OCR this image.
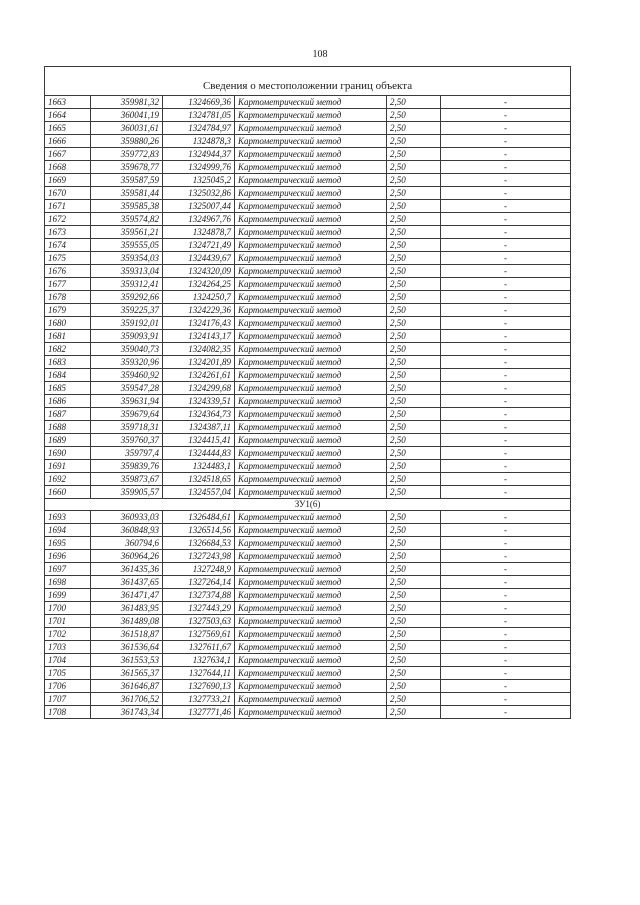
108

Сведения о местоположении границ объекта					
1663	359981,32	1324669,36	Картометрический метод	2,50	-
1664	360041,19	1324781,05	Картометрический метод	2,50	-
1665	360031,61	1324784,97	Картометрический метод	2,50	-
1666	359880,26	1324878,3	Картометрический метод	2,50	-
1667	359772,83	1324944,37	Картометрический метод	2,50	-
1668	359678,77	1324999,76	Картометрический метод	2,50	-
1669	359587,59	1325045,2	Картометрический метод	2,50	-
1670	359581,44	1325032,86	Картометрический метод	2,50	-
1671	359585,38	1325007,44	Картометрический метод	2,50	-
1672	359574,82	1324967,76	Картометрический метод	2,50	-
1673	359561,21	1324878,7	Картометрический метод	2,50	-
1674	359555,05	1324721,49	Картометрический метод	2,50	-
1675	359354,03	1324439,67	Картометрический метод	2,50	-
1676	359313,04	1324320,09	Картометрический метод	2,50	-
1677	359312,41	1324264,25	Картометрический метод	2,50	-
1678	359292,66	1324250,7	Картометрический метод	2,50	-
1679	359225,37	1324229,36	Картометрический метод	2,50	-
1680	359192,01	1324176,43	Картометрический метод	2,50	-
1681	359093,91	1324143,17	Картометрический метод	2,50	-
1682	359040,73	1324082,35	Картометрический метод	2,50	-
1683	359320,96	1324201,89	Картометрический метод	2,50	-
1684	359460,92	1324261,61	Картометрический метод	2,50	-
1685	359547,28	1324299,68	Картометрический метод	2,50	-
1686	359631,94	1324339,51	Картометрический метод	2,50	-
1687	359679,64	1324364,73	Картометрический метод	2,50	-
1688	359718,31	1324387,11	Картометрический метод	2,50	-
1689	359760,37	1324415,41	Картометрический метод	2,50	-
1690	359797,4	1324444,83	Картометрический метод	2,50	-
1691	359839,76	1324483,1	Картометрический метод	2,50	-
1692	359873,67	1324518,65	Картометрический метод	2,50	-
1660	359905,57	1324557,04	Картометрический метод	2,50	-
ЗУ1(6)					
1693	360933,03	1326484,61	Картометрический метод	2,50	-
1694	360848,93	1326514,56	Картометрический метод	2,50	-
1695	360794,6	1326684,53	Картометрический метод	2,50	-
1696	360964,26	1327243,98	Картометрический метод	2,50	-
1697	361435,36	1327248,9	Картометрический метод	2,50	-
1698	361437,65	1327264,14	Картометрический метод	2,50	-
1699	361471,47	1327374,88	Картометрический метод	2,50	-
1700	361483,95	1327443,29	Картометрический метод	2,50	-
1701	361489,08	1327503,63	Картометрический метод	2,50	-
1702	361518,87	1327569,61	Картометрический метод	2,50	-
1703	361536,64	1327611,67	Картометрический метод	2,50	-
1704	361553,53	1327634,1	Картометрический метод	2,50	-
1705	361565,37	1327644,11	Картометрический метод	2,50	-
1706	361646,87	1327690,13	Картометрический метод	2,50	-
1707	361706,52	1327733,21	Картометрический метод	2,50	-
1708	361743,34	1327771,46	Картометрический метод	2,50	-
